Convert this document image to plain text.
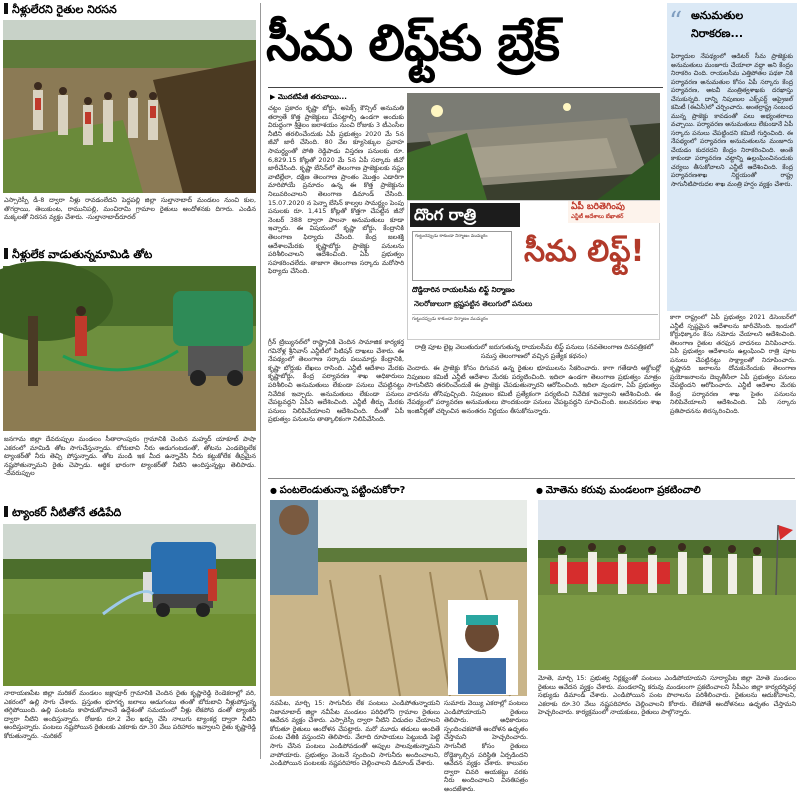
నీళ్లులేరని రైతుల నిరసన
ఎస్సారెస్పీ డీ-8 ద్వారా నీళ్లు రావడంలేదని పెద్దపల్లి జిల్లా సుల్తానాబాద్ మండలం నుంచి కుల, తొగర్రాయి, తెలుకుంట, రామునిపల్లి, మంచిరామి గ్రామాల రైతులు ఆందోళనకు దిగారు. ఎండిన మక్కలతో నిరసన వ్యక్తం చేశారు. -సుల్తానాబాద్‌రూరల్
నీళ్లులేక వాడుతున్నమామిడి తోట
జనగామ జిల్లా దేవరుప్పుల మండలం సీతారాంపురం గ్రామానికి చెందిన మహ్మద్ యాకూబ్ పాషా ఎకరంలో మామిడి తోట సాగుచేస్తున్నాడు. బోరుబావి నీరు అడుగంటడంతో, తోటను ఎండబెట్టలేక ట్యాంకర్‌తో నీరు తెచ్చి పోస్తున్నాడు. తోట మండి ఇక మీద ఉన్నావేసి నీరు కట్టుకోలేక తీవ్రమైన నష్టపోతున్నామని రైతు చెప్పాడు. ఆర్థిక భారంగా ట్యాంకర్‌తో నీటిని అందిస్తున్నట్లు తెలిపాడు. -దేవరుప్పుల
ట్యాంకర్ నీటితోనే తడిపేది
నారాయణపేట జిల్లా మరికల్ మండలం జక్లాపూర్ గ్రామానికి చెందిన రైతు కృష్ణారెడ్డి రెండెకరాల్లో వరి, ఎకరంలో ఉల్లి సాగు చేశారు. ప్రస్తుతం భూగర్భ జలాలు అడుగంటు తంతో బోరుబావి నీళ్లుపోస్తున్న తగ్గిపోయింది. ఉల్లి పంటను కాపాడుకోవాలనే ఉద్దేశంతో సమయంలో నీళ్లు లేకపోవ డంతో ట్యాంకర్ ద్వారా నీటిని అందిస్తున్నారు. రోజుకు రూ.2 వేల ఖర్చు చేసి నాలుగు ట్యాంకర్ల ద్వారా నీటిని అందిస్తున్నారు. పంటలు నష్టపోయిన రైతులకు ఎకరాకు రూ.30 వేలు పరిహారం ఇవ్వాలని రైతు కృష్ణారెడ్డి కోరుతున్నారు. -మరికల్
సీమ లిఫ్ట్‌కు బ్రేక్
▶ మొదటిపేజీ తరువాయి...
చట్టం ప్రకారం కృష్ణా బోర్డు, అపెక్స్ కౌన్సిల్ అనుమతి తర్వాతే కొత్త ప్రాజెక్టులు చేపట్టాల్సి ఉండగా అందుకు విరుద్ధంగా శ్రీశైలం జలాశయం నుంచి రోజుకు 3 టీఎంసీల నీటిని తరలించేందుకు ఏపీ ప్రభుత్వం 2020 మే 5న జీవో జారీ చేసింది. 80 వేల క్యూసెక్కుల ప్రవాహ సామర్థ్యంతో పోతి రెడ్డిపాడు విస్తరణ పనులకు రూ. 6,829.15 కోట్లతో 2020 మే 5న ఏపీ సర్కారు జీవో జారీచేసింది. కృష్ణా బేసిన్‌లో తెలంగాణ ప్రాజెక్టులకు నష్టం వాటిల్లేలా, దక్షిణ తెలంగాణ ప్రాంతం మొత్తం ఎడారిగా మారిపోయే ప్రమాదం ఉన్న ఈ కొత్త ప్రాజెక్టును నిలువరించాలని తెలంగాణ డిమాండ్ చేసింది. 15.07.2020 న పెన్నా బేసిన్ కాల్వల సామర్థ్యం పెంపు పనులకు రూ. 1,415 కోట్లతో కొత్తగా చేపట్టిన జీవో నెంబర్ 388 ద్వారా పాలనా అనుమతులు కూడా ఇచ్చారు. ఈ విషయంలో కృష్ణా బోర్డు, కేంద్రానికి తెలంగాణ ఫిర్యాదు చేసింది. కేంద్ర జలశక్తి ఆదేశాలమేరకు కృష్ణాబోర్డు ప్రాజెక్టు పనులను పరిశీలించాలని ఆదేశించింది. ఏపీ ప్రభుత్వం సహకరించలేదు. తాజాగా తెలంగాణ సర్కారు మరోసారి ఫిర్యాదు చేసింది.
గ్రీన్ ట్రిబ్యునల్‌లో రాష్ట్రానికి చెందిన సామాజిక కార్యకర్త గవినోళ్ల శ్రీనివాస్ ఎన్జీటీలో పిటిషన్ దాఖలు చేశారు. ఈ నేపథ్యంలో తెలంగాణ సర్కారు పలుమార్లు కేంద్రానికి, కృష్ణా బోర్డుకు లేఖలు రాసింది. ఎన్జీటీ ఆదేశాల మేరకు కృష్ణాబోర్డు, కేంద్ర పర్యావరణ శాఖ అధికారులు పరిశీలించి అనుమతులు లేకుండా పనులు చేపట్టినట్టు నివేదిక ఇచ్చారు. అనుమతులు లేకుండా పనులు చేపట్టవద్దని ఏపీని ఆదేశించింది. ఎన్జీటీ తీర్పు మేరకు పనులు నిలిపివేయాలని ఆదేశించింది. దీంతో ఏపీ ప్రభుత్వం పనులను తాత్కాలికంగా నిలిపివేసింది.
ఏపీ బరితెగింపు
ఎన్జీటీ ఆదేశాలు బేఖాతర్
దొంగ రాత్రి
సీమ లిఫ్ట్!
గుట్టుచప్పుడు కాకుండా నిర్మాణం ముమ్మరం
దొడ్డిదారిన రాయలసీమ లిఫ్ట్ నిర్మాణం
నెలరోజులుగా భ్రష్టపట్టిన తెలుగులో పనులు
గుట్టుచప్పుడు కాకుండా నిర్మాణం ముమ్మరం
రాత్రి పూట లైట్ల వెలుతురులో జరుగుతున్న రాయలసీమ లిఫ్ట్ పనులు (నవతెలంగాణ దినపత్రికలో సమస్త తెలంగాణలో వచ్చిన ప్రత్యేక కథనం)
చెందారు. ఈ ప్రాజెక్టు కోసం దిగువన ఉన్న రైతుల భూములను సేకరించారు. కాగా గతేడాది అక్టోబర్లో నిపుణుల కమిటీ ఎన్జీటీ ఆదేశాల మేరకు పర్యటించింది. ఇదిలా ఉండగా తెలంగాణ ప్రభుత్వం మాత్రం సాగునీటిని తరలించేందుకే ఈ ప్రాజెక్టు చేపడుతున్నారని ఆరోపించింది. ఇదిలా వుండగా, ఏపీ ప్రభుత్వం వాదనను తోసిపుచ్చింది. నిపుణుల కమిటీ ప్రత్యేకంగా పర్యటించి నివేదిక ఇవ్వాలని ఆదేశించింది. ఈ నేపథ్యంలో పర్యావరణ అనుమతులు పొందకుండా పనులు చేపట్టవద్దని సూచించింది. జలవనరుల శాఖ ఇంజినీర్లతో చర్చించిన అనంతరం నిర్ణయం తీసుకోనున్నారు.
“ అనుమతుల నిరాకరణ...
ఫిర్యాదుల నేపథ్యంలో ఆడిటర్ సీమ ప్రాజెక్టుకు అనుమతులు మంజూరు చేయాలా వద్దా అని కేంద్రం నిరాకరిం చింది. రాయలసీమ ఎత్తిపోతల పథకా నికి పర్యావరణ అనుమతుల కోసం ఏపీ సర్కారు కేంద్ర పర్యావరణ, అటవీ మంత్రిత్వశాఖకు దరఖాస్తు చేసుకున్నది. దాన్ని నిపుణుల ఎక్స్‌పర్ట్ అప్రైజల్ కమిటీ (ఈఏసీ)లో చర్చించారు. అంతర్రాష్ట్ర సంబంధ మున్న ప్రాజెక్టు కావడంతో పలు అభ్యంతరాలు వచ్చాయి. పర్యావరణ అనుమతులు లేకుండానే ఏపీ సర్కారు పనులు చేపట్టిందని కమిటీ గుర్తించింది. ఈ నేపథ్యంలో పర్యావరణ అనుమతులను మంజూరు చేయడం కుదరదని కేంద్రం నిరాకరించింది. అంతే కాకుండా పర్యావరణ చట్టాన్ని ఉల్లంఘించినందుకు చర్యలు తీసుకోవాలని ఎన్జీటీ ఆదేశించింది. కేంద్ర పర్యావరణశాఖ నిర్ణయంతో రాష్ట్ర సాగునీటిపారుదల శాఖ మంత్రి హర్షం వ్యక్తం చేశారు.
కాగా రాష్ట్రంలో ఏపీ ప్రభుత్వం 2021 డిసెంబర్‌లో ఎన్జీటీ స్పష్టమైన ఆదేశాలను జారీచేసింది. ఇందులో కోర్టుధిక్కారం కేసు నమోదు చేయాలని ఆదేశించింది. తెలంగాణ రైతుల తరఫున వాదనలు వినిపించారు. ఏపీ ప్రభుత్వం ఆదేశాలను ఉల్లంఘించి రాత్రి పూట పనులు చేపట్టినట్టు సాక్ష్యాలతో నిరూపించారు. కృష్ణానది జలాలను దోచుకునేందుకు తెలంగాణ ప్రయోజనాలను దెబ్బతీసేలా ఏపీ ప్రభుత్వం పనులు చేపట్టిందని ఆరోపించారు. ఎన్జీటీ ఆదేశాల మేరకు కేంద్ర పర్యావరణ శాఖ సైతం పనులను నిలిపివేయాలని ఆదేశించింది. ఏపీ సర్కారు ప్రతిపాదనను తిరస్కరించింది.
● పంటలెండుతున్నా పట్టించుకోరా?
నవపేట, మార్చి 15: సాగునీరు లేక పంటలు ఎండిపోతున్నాయని నిజామాబాద్ జిల్లా నవీపేట మండలం పరిధిలోని గ్రామాల రైతులు ఆవేదన వ్యక్తం చేశారు. ఎస్సారెస్పీ ద్వారా నీటిని విడుదల చేయాలని కోరుతూ రైతులు ఆందోళన చేపట్టారు. మరో మూడు తడులు అందితే పంట చేతికి వస్తుందని తెలిపారు. వేలాది రూపాయలు పెట్టుబడి పెట్టి సాగు చేసిన పంటలు ఎండిపోవడంతో అప్పుల పాలవుతున్నామని వాపోయారు. ప్రభుత్వం వెంటనే స్పందించి సాగునీరు అందించాలని, ఎండిపోయిన పంటలకు నష్టపరిహారం చెల్లించాలని డిమాండ్ చేశారు.
సుమారు వెయ్యి ఎకరాల్లో పంటలు ఎండిపోయాయని రైతులు తెలిపారు. అధికారులు స్పందించకపోతే ఆందోళన ఉధృతం చేస్తామని హెచ్చరించారు. సాగునీటి కోసం రైతులు రోడ్డెక్కాల్సిన పరిస్థితి ఏర్పడిందని ఆవేదన వ్యక్తం చేశారు. కాలువల ద్వారా చివరి ఆయకట్టు వరకు నీరు అందించాలని వినతిపత్రం అందజేశారు.
● మోతెను కరువు మండలంగా ప్రకటించాలి
మోతె, మార్చి 15: ప్రభుత్వ నిర్లక్ష్యంతో పంటలు ఎండిపోయాయని సూర్యాపేట జిల్లా మోతె మండలం రైతులు ఆవేదన వ్యక్తం చేశారు. మండలాన్ని కరువు మండలంగా ప్రకటించాలని సీపీఎం జిల్లా కార్యదర్శివర్గ సభ్యుడు డిమాండ్ చేశారు. ఎండిపోయిన పంట పొలాలను పరిశీలించారు. రైతులను ఆదుకోవాలని, ఎకరాకు రూ.30 వేలు నష్టపరిహారం చెల్లించాలని కోరారు. లేకపోతే ఆందోళనలు ఉధృతం చేస్తామని హెచ్చరించారు. కార్యక్రమంలో నాయకులు, రైతులు పాల్గొన్నారు.
